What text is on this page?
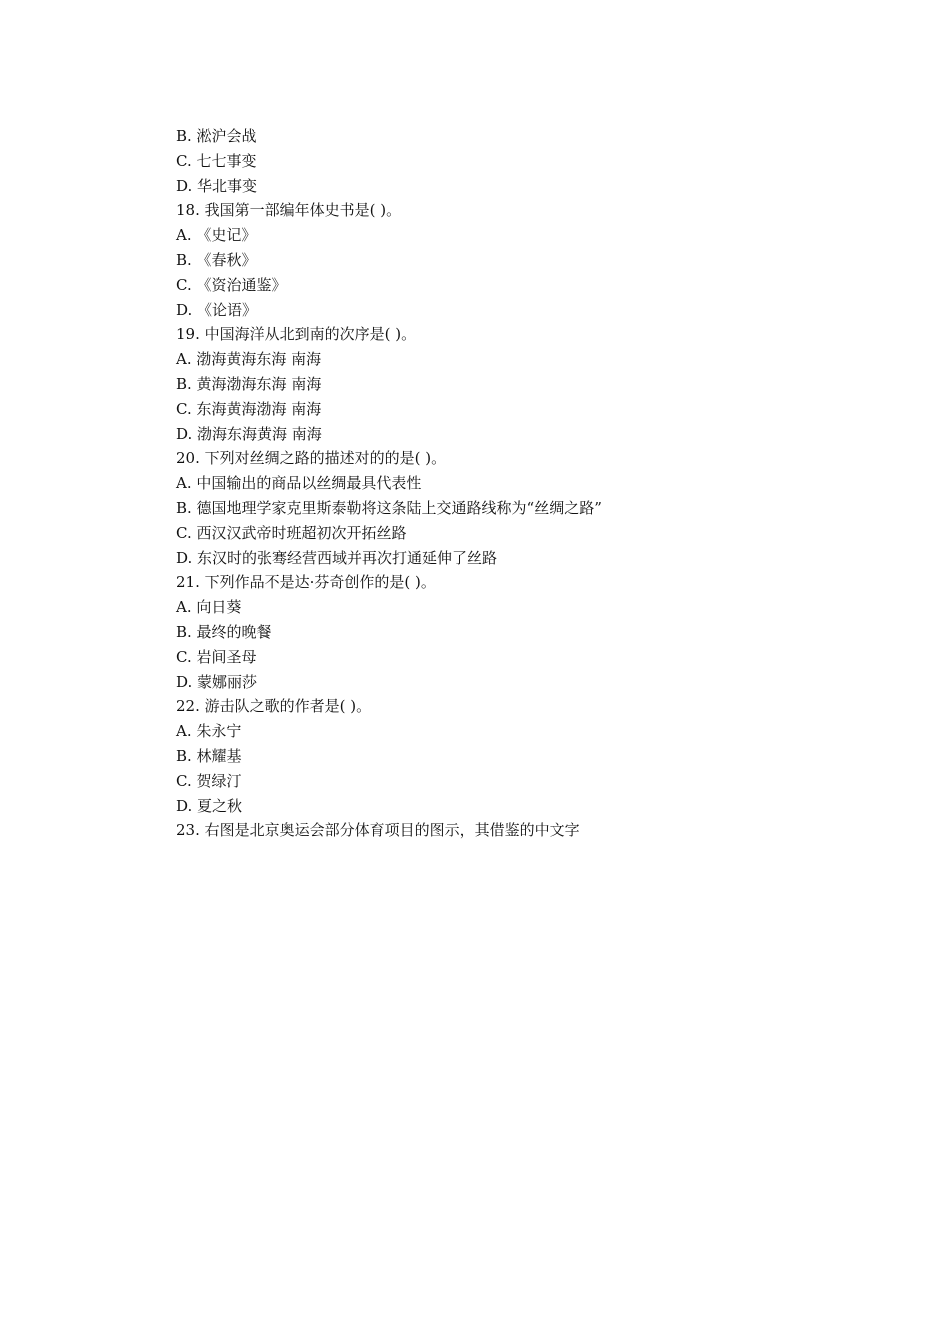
B. 淞沪会战
C. 七七事变
D. 华北事变
18. 我国第一部编年体史书是( )。
A. 《史记》
B. 《春秋》
C. 《资治通鉴》
D. 《论语》
19. 中国海洋从北到南的次序是( )。
A. 渤海黄海东海 南海
B. 黄海渤海东海 南海
C. 东海黄海渤海 南海
D. 渤海东海黄海 南海
20. 下列对丝绸之路的描述对的的是( )。
A. 中国输出的商品以丝绸最具代表性
B. 德国地理学家克里斯泰勒将这条陆上交通路线称为“丝绸之路”
C. 西汉汉武帝时班超初次开拓丝路
D. 东汉时的张骞经营西域并再次打通延伸了丝路
21. 下列作品不是达·芬奇创作的是( )。
A. 向日葵
B. 最终的晚餐
C. 岩间圣母
D. 蒙娜丽莎
22. 游击队之歌的作者是( )。
A. 朱永宁
B. 林耀基
C. 贺绿汀
D. 夏之秋
23. 右图是北京奥运会部分体育项目的图示，其借鉴的中文字
